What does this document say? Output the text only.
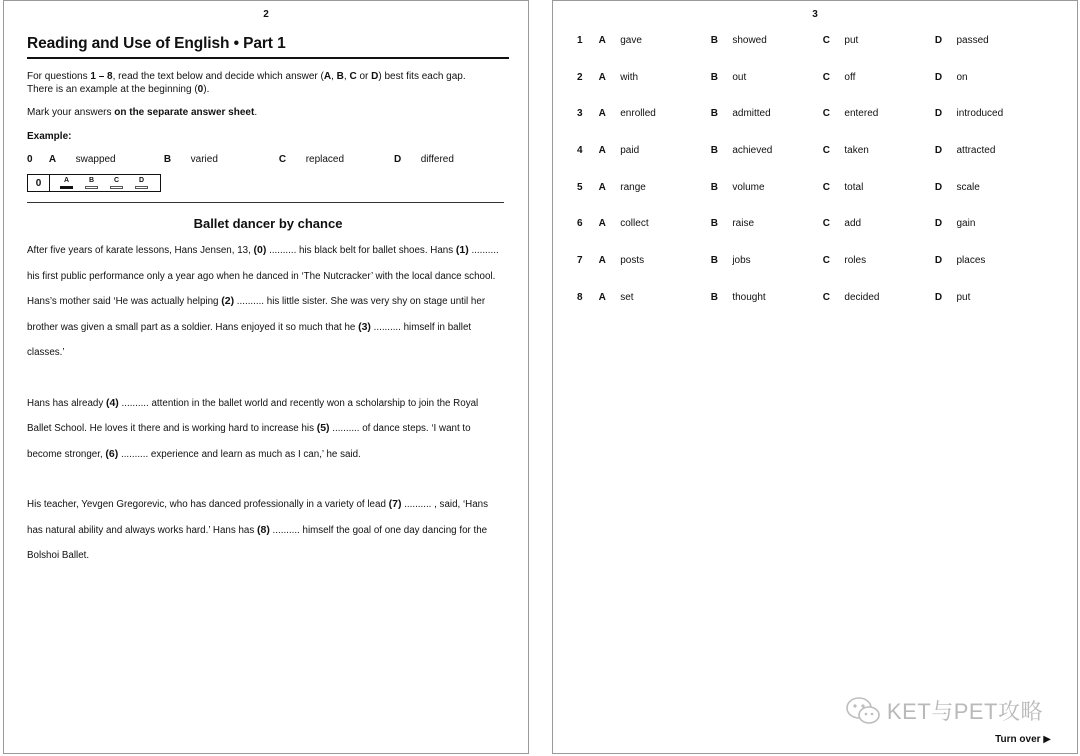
2
Reading and Use of English • Part 1
For questions 1 – 8, read the text below and decide which answer (A, B, C or D) best fits each gap.
There is an example at the beginning (0).
Mark your answers on the separate answer sheet.
Example:
0	A	swapped	B	varied	C	replaced	D	differed
0	A	B	C	D
Ballet dancer by chance
After five years of karate lessons, Hans Jensen, 13, (0) .......... his black belt for ballet shoes. Hans (1) .......... his first public performance only a year ago when he danced in ‘The Nutcracker’ with the local dance school. Hans’s mother said ‘He was actually helping (2) .......... his little sister. She was very shy on stage until her brother was given a small part as a soldier. Hans enjoyed it so much that he (3) .......... himself in ballet classes.’
Hans has already (4) .......... attention in the ballet world and recently won a scholarship to join the Royal Ballet School. He loves it there and is working hard to increase his (5) .......... of dance steps. ‘I want to become stronger, (6) .......... experience and learn as much as I can,’ he said.
His teacher, Yevgen Gregorevic, who has danced professionally in a variety of lead (7) .......... , said, ‘Hans has natural ability and always works hard.’ Hans has (8) .......... himself the goal of one day dancing for the Bolshoi Ballet.
3
1	A	gave	B	showed	C	put	D	passed
2	A	with	B	out	C	off	D	on
3	A	enrolled	B	admitted	C	entered	D	introduced
4	A	paid	B	achieved	C	taken	D	attracted
5	A	range	B	volume	C	total	D	scale
6	A	collect	B	raise	C	add	D	gain
7	A	posts	B	jobs	C	roles	D	places
8	A	set	B	thought	C	decided	D	put
KET与PET攻略
Turn over ▶
